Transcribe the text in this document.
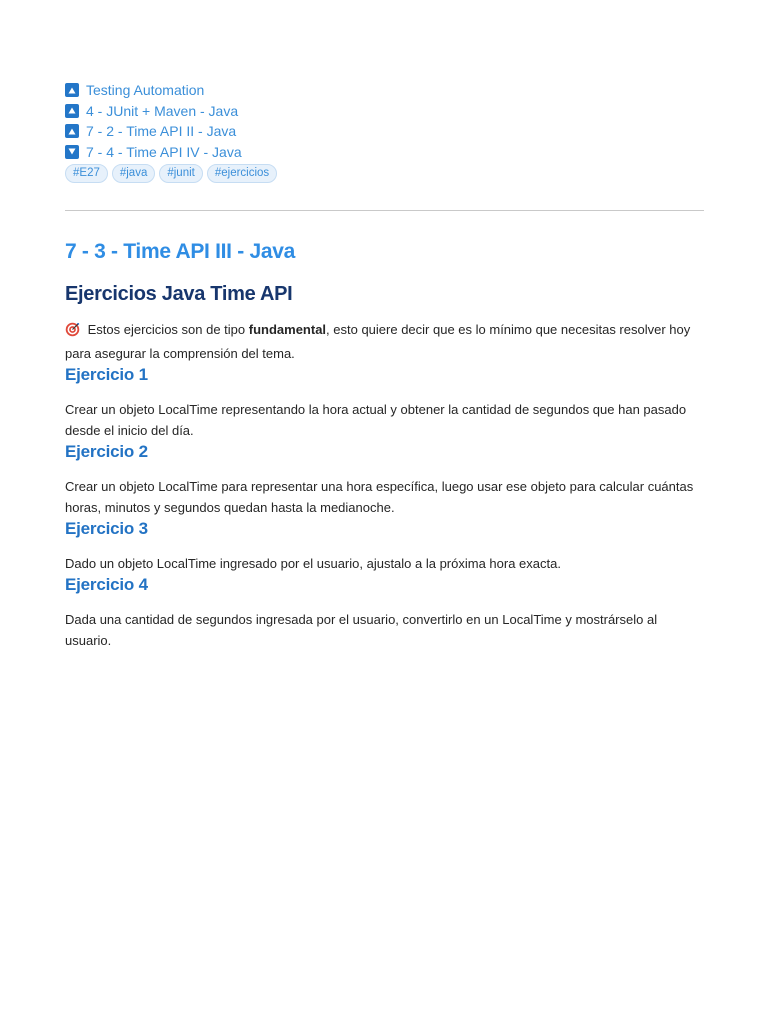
Testing Automation
4 - JUnit + Maven - Java
7 - 2 - Time API II - Java
7 - 4 - Time API IV - Java
#E27	#java	#junit	#ejercicios
7 - 3 - Time API III - Java
Ejercicios Java Time API

Estos ejercicios son de tipo fundamental, esto quiere decir que es lo mínimo que necesitas resolver hoy para asegurar la comprensión del tema.

Ejercicio 1

Crear un objeto LocalTime representando la hora actual y obtener la cantidad de segundos que han pasado desde el inicio del día.

Ejercicio 2

Crear un objeto LocalTime para representar una hora específica, luego usar ese objeto para calcular cuántas horas, minutos y segundos quedan hasta la medianoche.

Ejercicio 3

Dado un objeto LocalTime ingresado por el usuario, ajustalo a la próxima hora exacta.

Ejercicio 4

Dada una cantidad de segundos ingresada por el usuario, convertirlo en un LocalTime y mostrárselo al usuario.
